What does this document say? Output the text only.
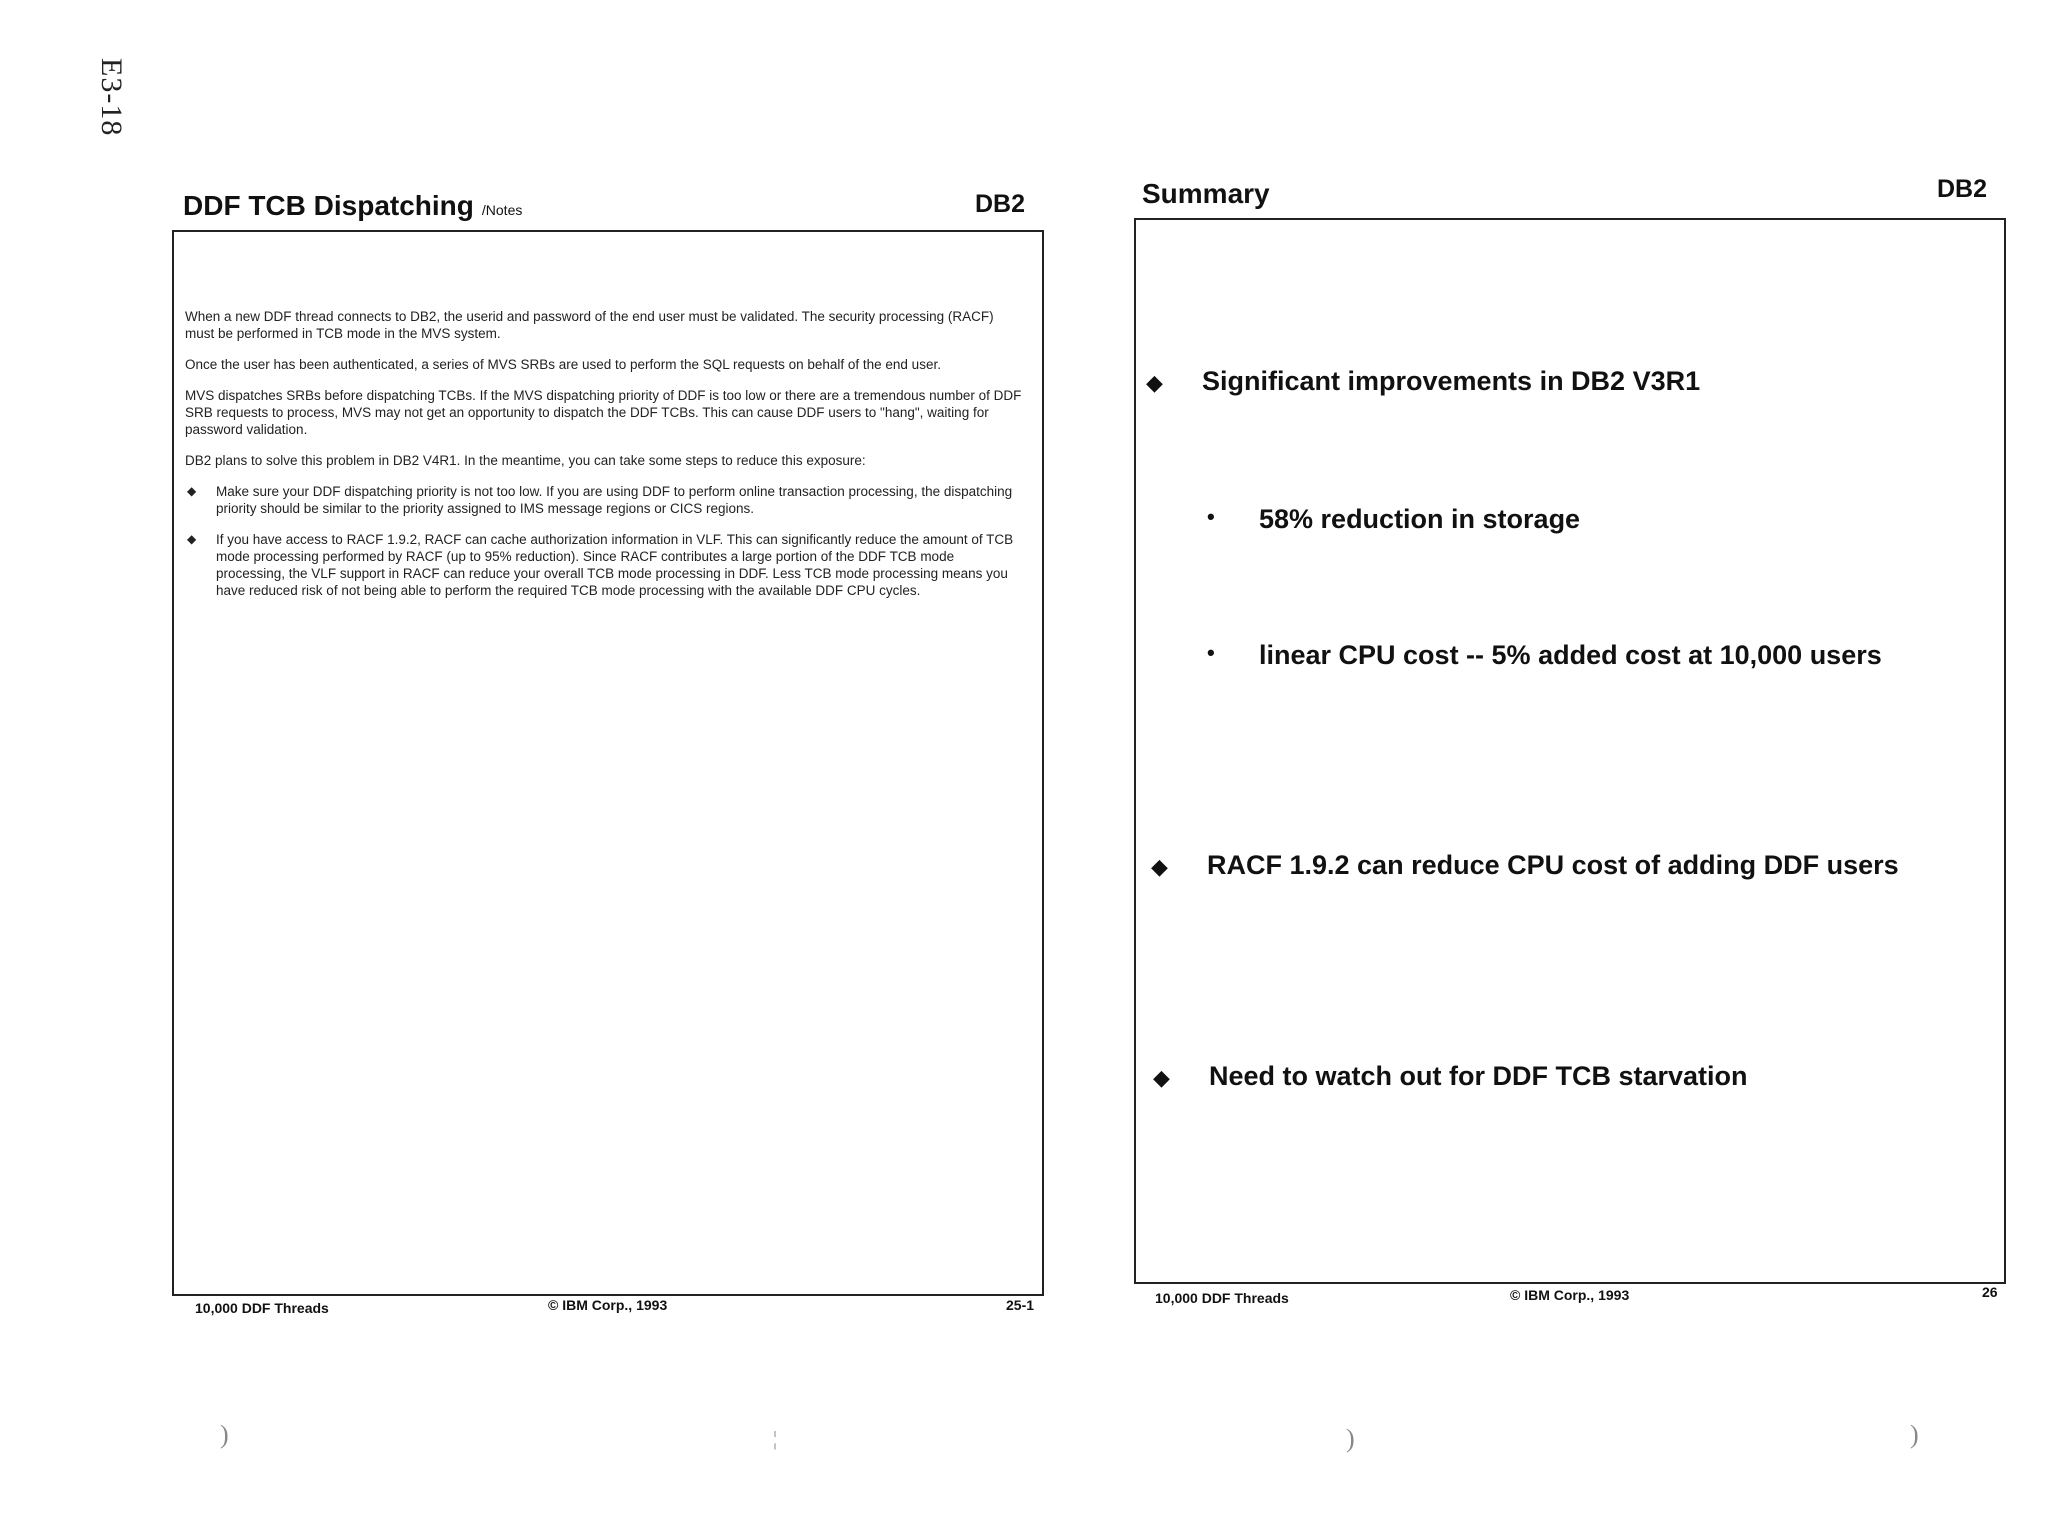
E3-18
DDF TCB Dispatching /Notes	DB2

When a new DDF thread connects to DB2, the userid and password of the end user must be validated. The security processing (RACF) must be performed in TCB mode in the MVS system.

Once the user has been authenticated, a series of MVS SRBs are used to perform the SQL requests on behalf of the end user.

MVS dispatches SRBs before dispatching TCBs. If the MVS dispatching priority of DDF is too low or there are a tremendous number of DDF SRB requests to process, MVS may not get an opportunity to dispatch the DDF TCBs. This can cause DDF users to "hang", waiting for password validation.

DB2 plans to solve this problem in DB2 V4R1. In the meantime, you can take some steps to reduce this exposure:

◆ Make sure your DDF dispatching priority is not too low. If you are using DDF to perform online transaction processing, the dispatching priority should be similar to the priority assigned to IMS message regions or CICS regions.
◆ If you have access to RACF 1.9.2, RACF can cache authorization information in VLF. This can significantly reduce the amount of TCB mode processing performed by RACF (up to 95% reduction). Since RACF contributes a large portion of the DDF TCB mode processing, the VLF support in RACF can reduce your overall TCB mode processing in DDF. Less TCB mode processing means you have reduced risk of not being able to perform the required TCB mode processing with the available DDF CPU cycles.
10,000 DDF Threads	© IBM Corp., 1993	25-1
Summary	DB2
◆ Significant improvements in DB2 V3R1
• 58% reduction in storage
• linear CPU cost -- 5% added cost at 10,000 users
◆ RACF 1.9.2 can reduce CPU cost of adding DDF users
◆ Need to watch out for DDF TCB starvation
10,000 DDF Threads	© IBM Corp., 1993	26
)	¦	)	)
